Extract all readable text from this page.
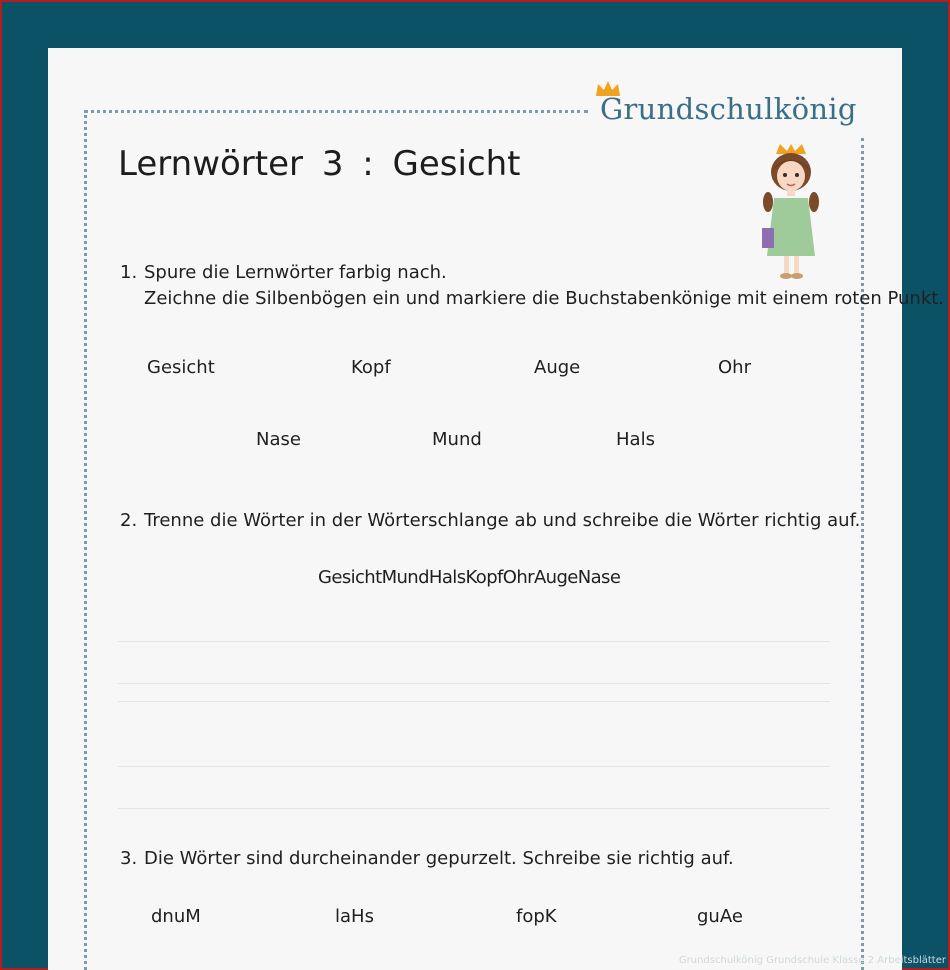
Grundschulkönig
Lernwörter 3 : Gesicht
1. Spure die Lernwörter farbig nach.
Zeichne die Silbenbögen ein und markiere die Buchstabenkönige mit einem roten Punkt.
Gesicht	Kopf	Auge	Ohr
Nase	Mund	Hals
2. Trenne die Wörter in der Wörterschlange ab und schreibe die Wörter richtig auf.
GesichtMundHalsKopfOhrAugeNase
3. Die Wörter sind durcheinander gepurzelt. Schreibe sie richtig auf.
dnuM	laHs	fopK	guAe
Grundschulkönig Grundschule Klasse 2 Arbeitsblätter
